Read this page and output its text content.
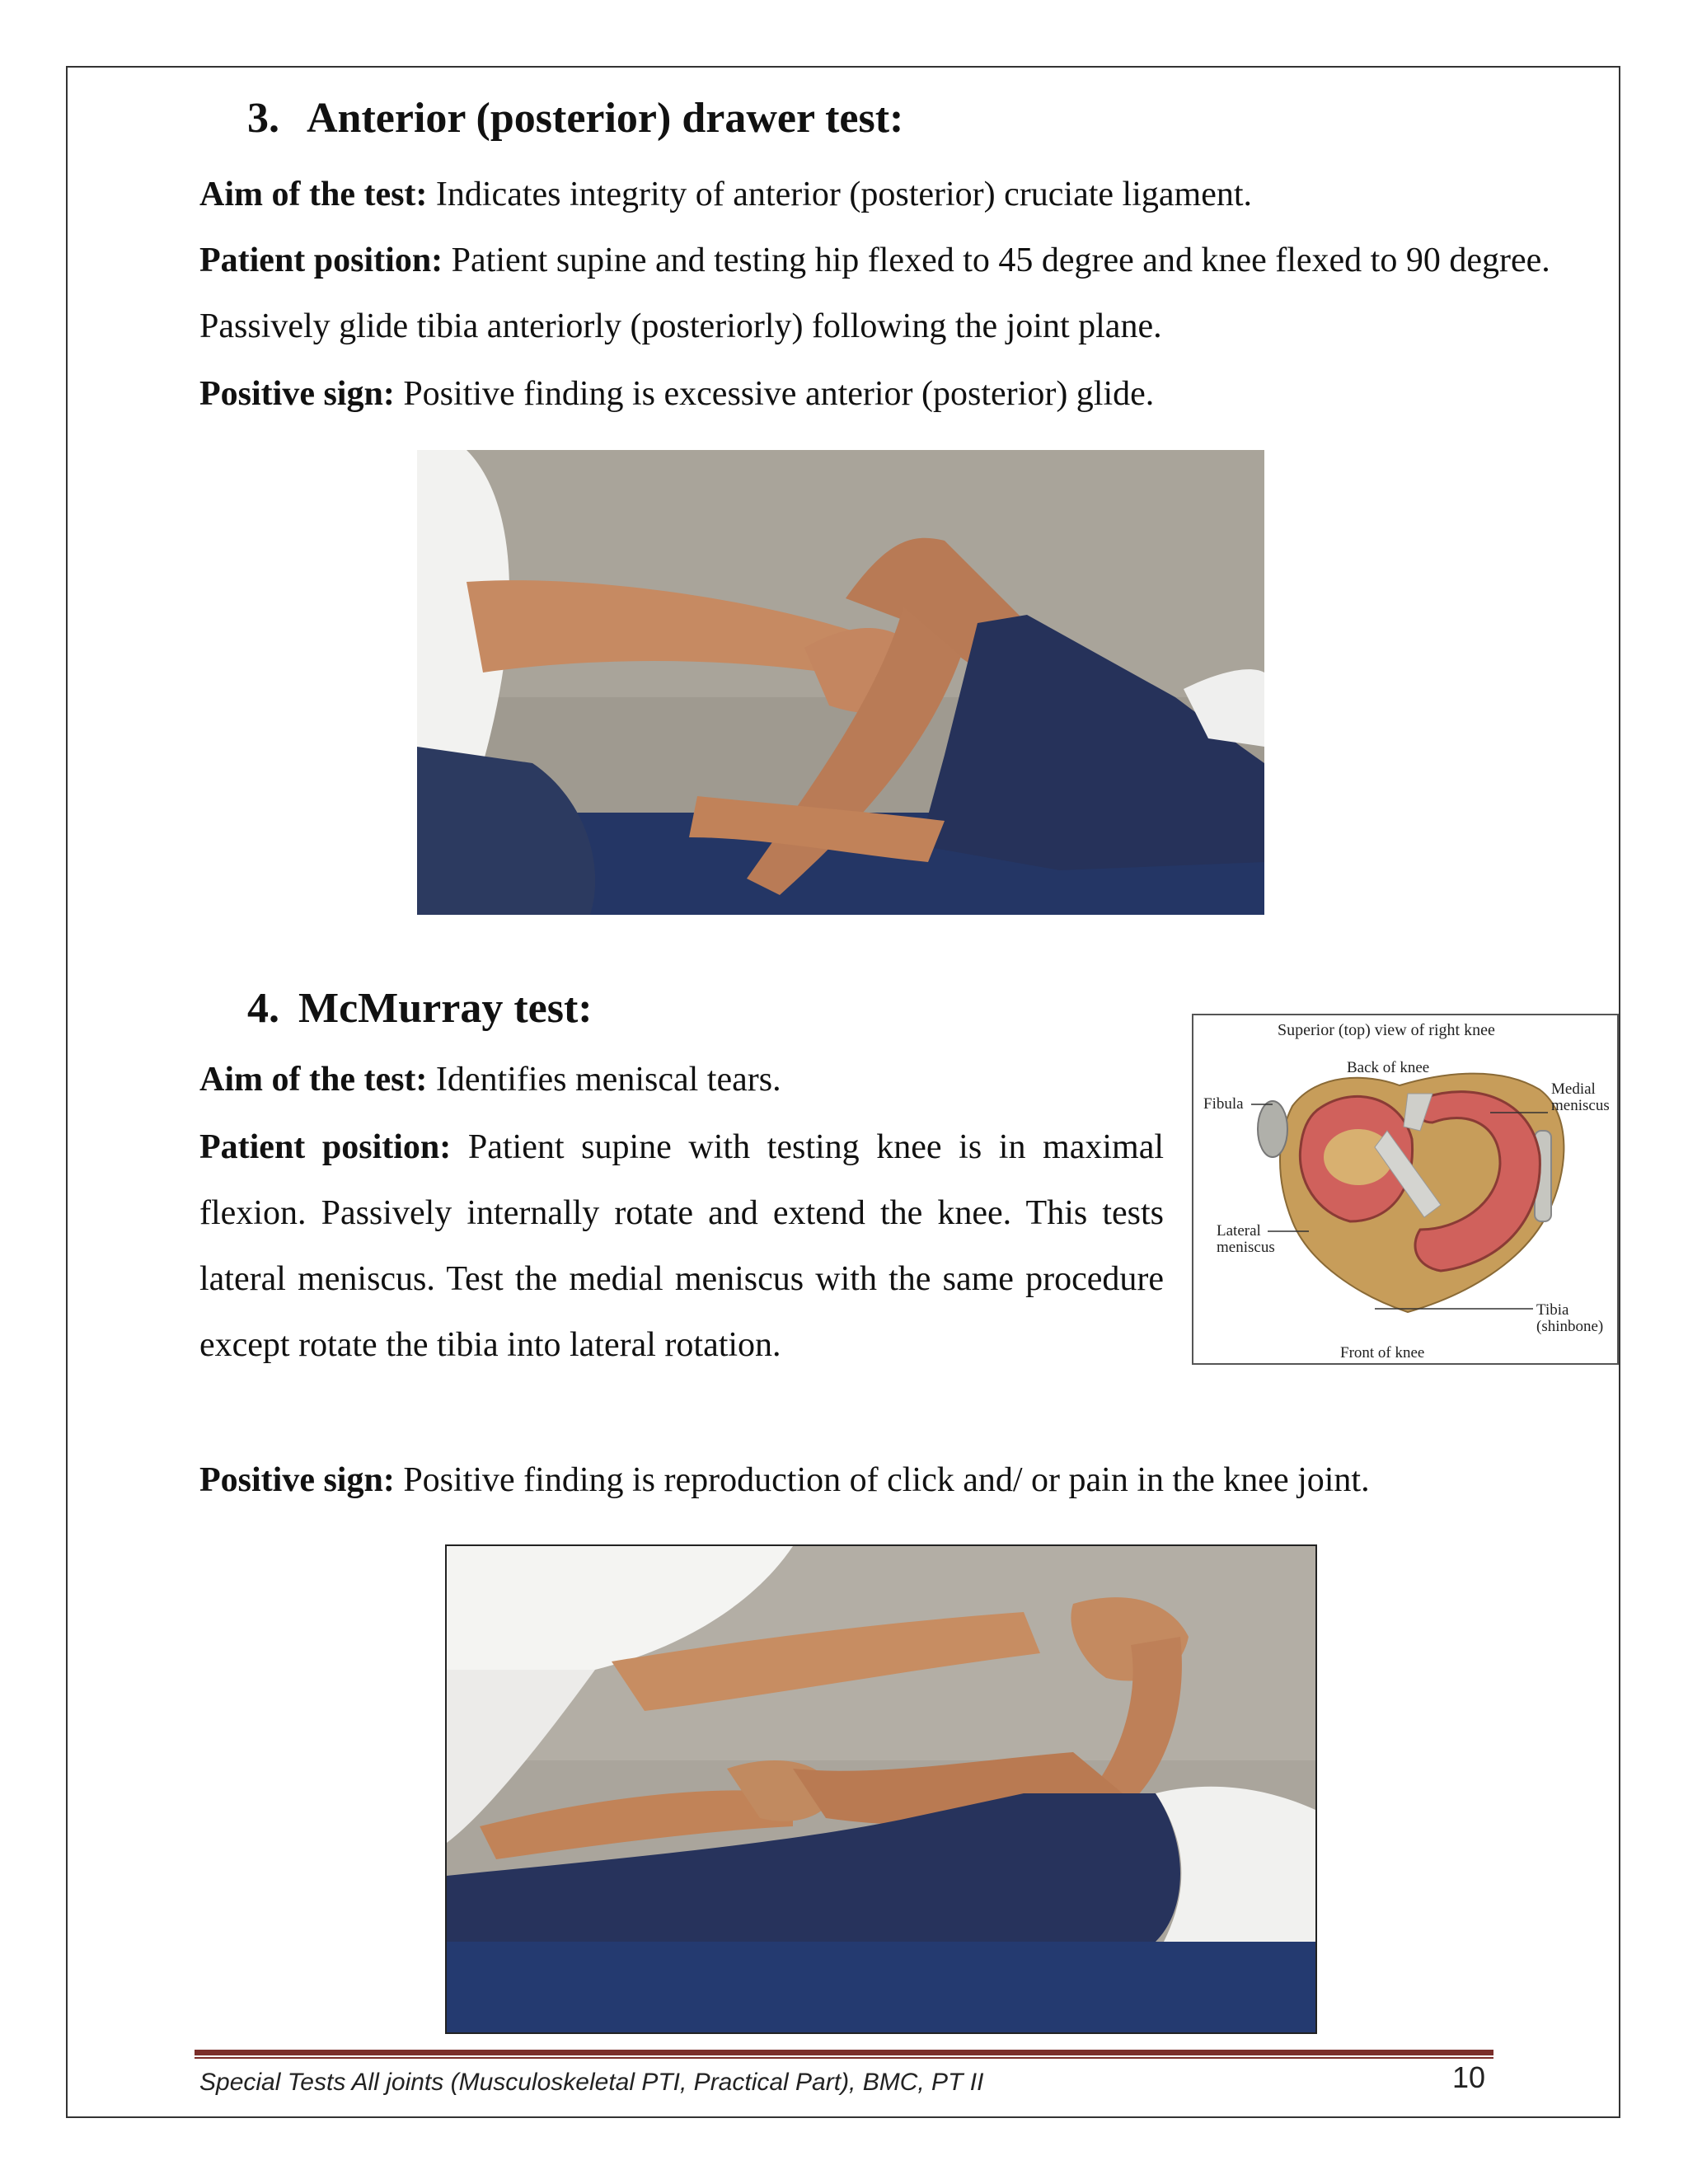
3. Anterior (posterior) drawer test:
Aim of the test: Indicates integrity of anterior (posterior) cruciate ligament.
Patient position: Patient supine and testing hip flexed to 45 degree and knee flexed to 90 degree. Passively glide tibia anteriorly (posteriorly) following the joint plane.
Positive sign: Positive finding is excessive anterior (posterior) glide.
4. McMurray test:
Aim of the test: Identifies meniscal tears.
Patient position: Patient supine with testing knee is in maximal flexion. Passively internally rotate and extend the knee. This tests lateral meniscus. Test the medial meniscus with the same procedure except rotate the tibia into lateral rotation.
Positive sign: Positive finding is reproduction of click and/ or pain in the knee joint.
Superior (top) view of right knee
Back of knee
Fibula
Medial
meniscus
Lateral
meniscus
Tibia
(shinbone)
Front of knee
Special Tests All joints (Musculoskeletal PTI, Practical Part), BMC, PT II	10
